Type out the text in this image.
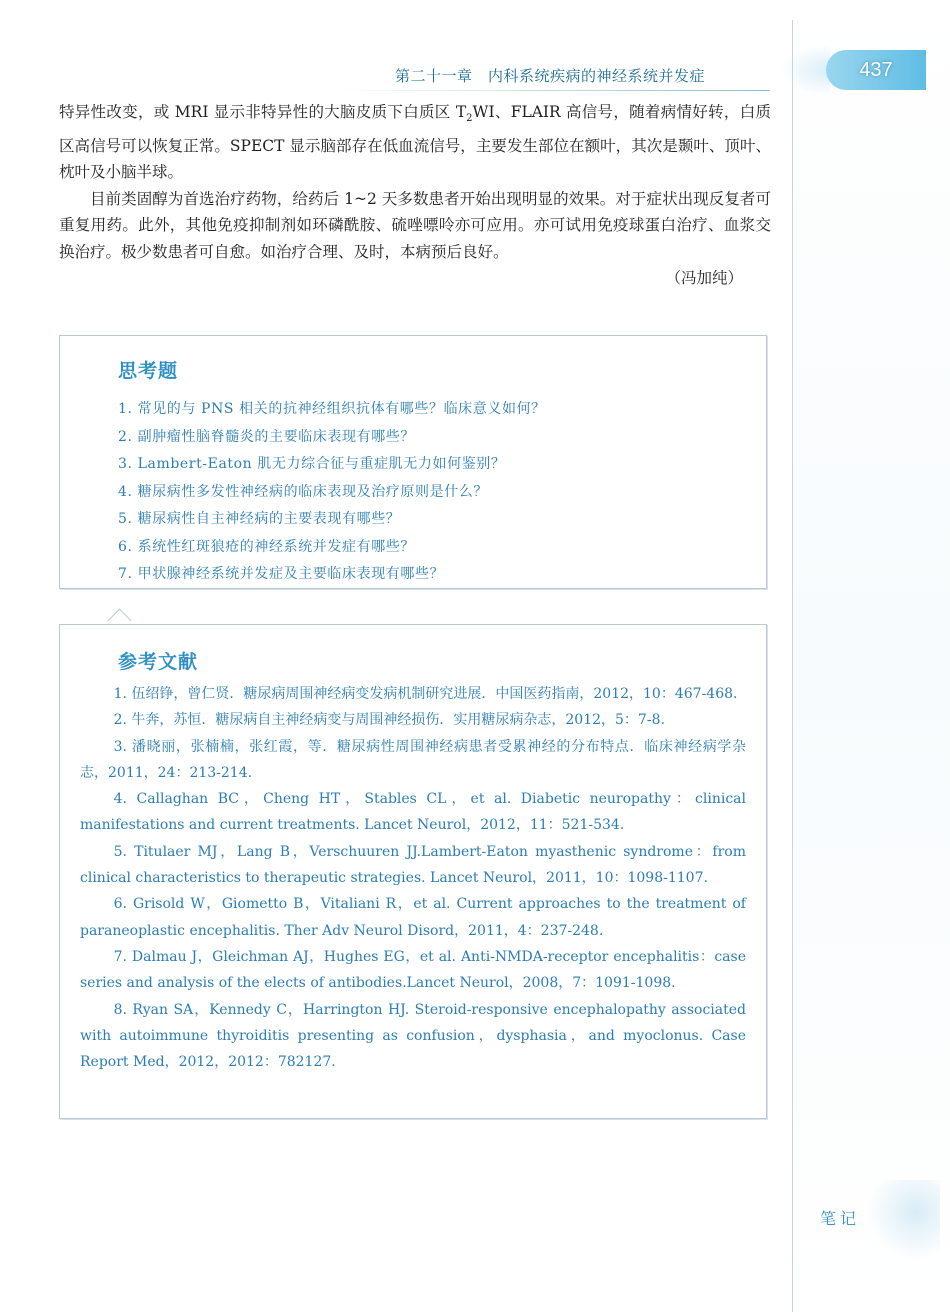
437
第二十一章　内科系统疾病的神经系统并发症

特异性改变，或 MRI 显示非特异性的大脑皮质下白质区 $T_2WI$、FLAIR 高信号，随着病情好转，白质区高信号可以恢复正常。SPECT 显示脑部存在低血流信号，主要发生部位在额叶，其次是颞叶、顶叶、枕叶及小脑半球。

目前类固醇为首选治疗药物，给药后 1~2 天多数患者开始出现明显的效果。对于症状出现反复者可重复用药。此外，其他免疫抑制剂如环磷酰胺、硫唑嘌呤亦可应用。亦可试用免疫球蛋白治疗、血浆交换治疗。极少数患者可自愈。如治疗合理、及时，本病预后良好。

（冯加纯）

思考题
1. 常见的与 PNS 相关的抗神经组织抗体有哪些？临床意义如何？
2. 副肿瘤性脑脊髓炎的主要临床表现有哪些？
3. Lambert-Eaton 肌无力综合征与重症肌无力如何鉴别？
4. 糖尿病性多发性神经病的临床表现及治疗原则是什么？
5. 糖尿病性自主神经病的主要表现有哪些？
6. 系统性红斑狼疮的神经系统并发症有哪些？
7. 甲状腺神经系统并发症及主要临床表现有哪些？
参考文献

1. 伍绍铮，曾仁贤．糖尿病周围神经病变发病机制研究进展．中国医药指南，2012，10：467-468.

2. 牛奔，苏恒．糖尿病自主神经病变与周围神经损伤．实用糖尿病杂志，2012，5：7-8.

3. 潘晓丽，张楠楠，张红霞，等．糖尿病性周围神经病患者受累神经的分布特点．临床神经病学杂志，2011，24：213-214.

4. Callaghan BC，Cheng HT，Stables CL，et al. Diabetic neuropathy：clinical manifestations and current treatments. Lancet Neurol，2012，11：521-534.

5. Titulaer MJ，Lang B，Verschuuren JJ.Lambert-Eaton myasthenic syndrome：from clinical characteristics to therapeutic strategies. Lancet Neurol，2011，10：1098-1107.

6. Grisold W，Giometto B，Vitaliani R，et al. Current approaches to the treatment of paraneoplastic encephalitis. Ther Adv Neurol Disord，2011，4：237-248.

7. Dalmau J，Gleichman AJ，Hughes EG，et al. Anti-NMDA-receptor encephalitis：case series and analysis of the elects of antibodies.Lancet Neurol，2008，7：1091-1098.

8. Ryan SA，Kennedy C，Harrington HJ. Steroid-responsive encephalopathy associated with autoimmune thyroiditis presenting as confusion，dysphasia，and myoclonus. Case Report Med，2012，2012：782127.

笔记
